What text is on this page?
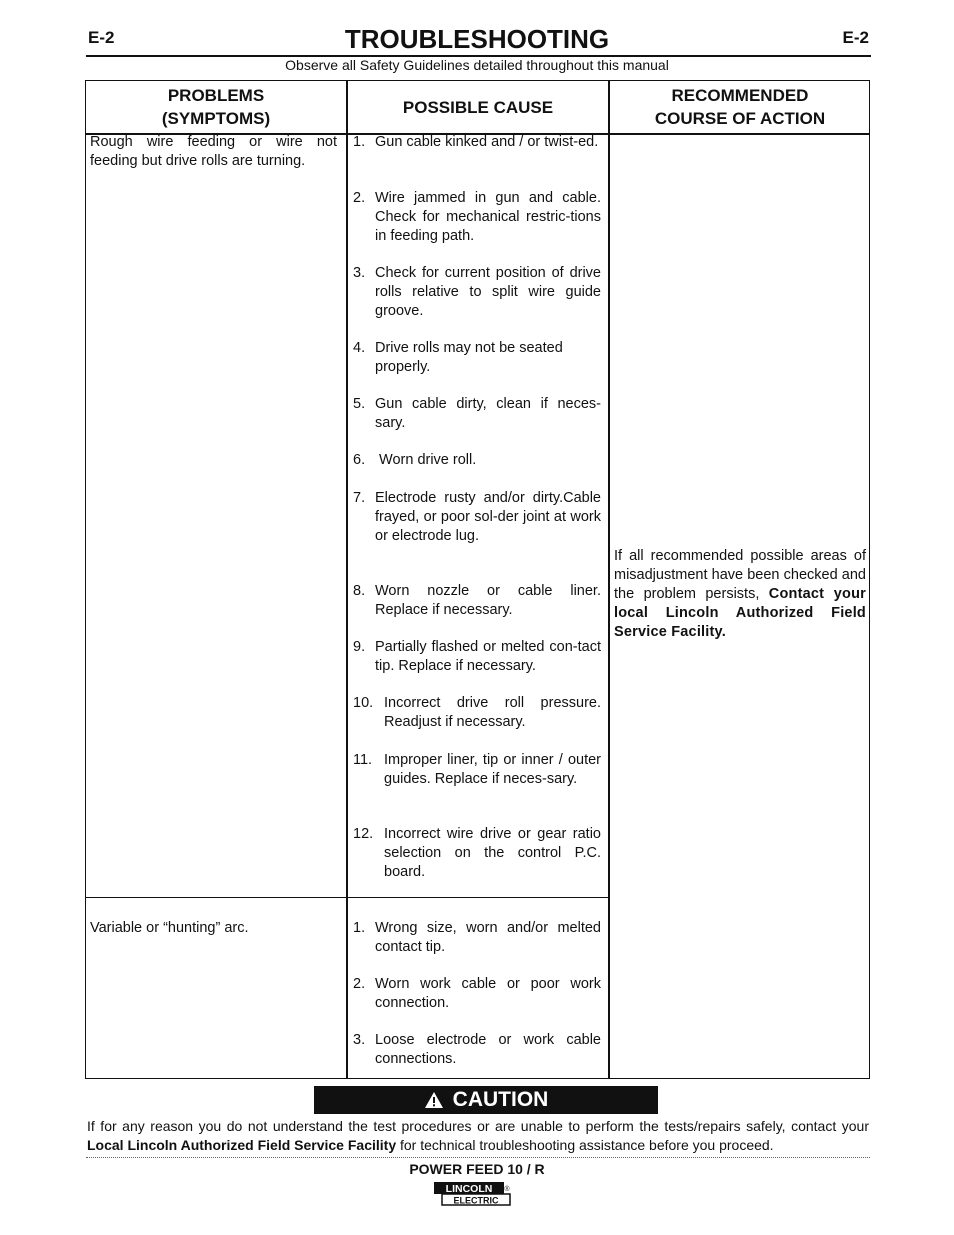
E-2	TROUBLESHOOTING	E-2
Observe all Safety Guidelines detailed throughout this manual
PROBLEMS
(SYMPTOMS)
POSSIBLE CAUSE
RECOMMENDED
COURSE OF ACTION
Rough wire feeding or wire not feeding but drive rolls are turning.
Variable or “hunting” arc.
1. Gun cable kinked and / or twist-ed.
2. Wire jammed in gun and cable. Check for mechanical restric-tions in feeding path.
3. Check for current position of drive rolls relative to split wire guide groove.
4. Drive rolls may not be seated properly.
5. Gun cable dirty, clean if neces-sary.
6. Worn drive roll.
7. Electrode rusty and/or dirty.Cable frayed, or poor sol-der joint at work or electrode lug.
8. Worn nozzle or cable liner. Replace if necessary.
9. Partially flashed or melted con-tact tip. Replace if necessary.
10. Incorrect drive roll pressure. Readjust if necessary.
11. Improper liner, tip or inner / outer guides. Replace if neces-sary.
12. Incorrect wire drive or gear ratio selection on the control P.C. board.
1. Wrong size, worn and/or melted contact tip.
2. Worn work cable or poor work connection.
3. Loose electrode or work cable connections.
If all recommended possible areas of misadjustment have been checked and the problem persists, Contact your local Lincoln Authorized Field Service Facility.
CAUTION
If for any reason you do not understand the test procedures or are unable to perform the tests/repairs safely, contact your Local Lincoln Authorized Field Service Facility for technical troubleshooting assistance before you proceed.
POWER FEED 10 / R
LINCOLN
ELECTRIC
®
